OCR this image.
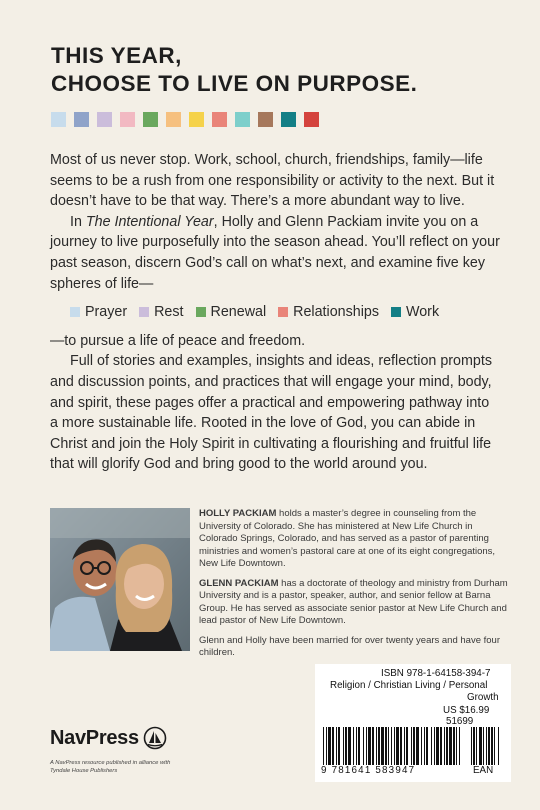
THIS YEAR,
CHOOSE TO LIVE ON PURPOSE.

Most of us never stop. Work, school, church, friendships, family—life seems to be a rush from one responsibility or activity to the next. But it doesn’t have to be that way. There’s a more abundant way to live.

In The Intentional Year, Holly and Glenn Packiam invite you on a journey to live purposefully into the season ahead. You’ll reflect on your past season, discern God’s call on what’s next, and examine five key spheres of life—

Prayer Rest Renewal Relationships Work

—to pursue a life of peace and freedom.

Full of stories and examples, insights and ideas, reflection prompts and discussion points, and practices that will engage your mind, body, and spirit, these pages offer a practical and empowering pathway into a more sustainable life. Rooted in the love of God, you can abide in Christ and join the Holy Spirit in cultivating a flourishing and fruitful life that will glorify God and bring good to the world around you.

HOLLY PACKIAM holds a master’s degree in counseling from the University of Colorado. She has ministered at New Life Church in Colorado Springs, Colorado, and has served as a pastor of parenting ministries and women’s pastoral care at one of its eight congregations, New Life Downtown.

GLENN PACKIAM has a doctorate of theology and ministry from Durham University and is a pastor, speaker, author, and senior fellow at Barna Group. He has served as associate senior pastor at New Life Church and lead pastor of New Life Downtown.

Glenn and Holly have been married for over twenty years and have four children.

ISBN 978-1-64158-394-7
Religion / Christian Living / Personal
Growth
US $16.99
51699
9 781641 583947	EAN
NavPress
A NavPress resource published in alliance with Tyndale House Publishers
